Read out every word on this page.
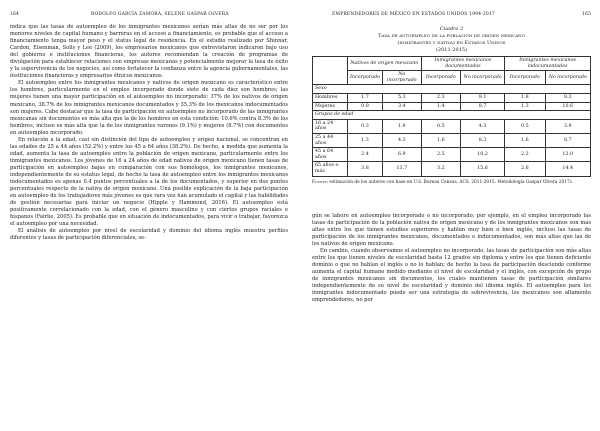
164	RODOLFO GARCÍA ZAMORA, SELENE GASPAR OLVERA

indica que las tasas de autoempleo de los inmigrantes mexicanos serían más altas de no ser por los menores niveles de capital humano y barreras en el acceso a financiamiento, es probable que el acceso a financiamiento tenga mayor peso y el status legal de residencia. En el estudio realizado por Shinnar, Cardon, Eisenman, Solis y Lee (2009), los empresarios mexicanos que entrevistaron indicaron bajo uso del gobierno e instituciones financieras, los autores recomiendan la creación de programas de divulgación para establecer relaciones con empresas mexicanas y potencialmente mejorar la tasa de éxito y la supervivencia de los negocios, así como fortalecer la confianza entre la agencia gubernamentales, las instituciones financieras y empresarios étnicos mexicanos.

El autoempleo entre los inmigrantes mexicanos y nativos de origen mexicano es característico entre los hombres, particularmente en el empleo incorporado donde siete de cada diez son hombres; las mujeres tienen una mayor participación en el autoempleo no incorporado: 37% de los nativos de origen mexicano, 38.7% de los inmigrantes mexicanos documentados y 35.3% de los mexicanos indocumentados son mujeres. Cabe destacar que la tasa de participación en autoempleo no incorporado de las inmigrantes mexicanas sin documentos es más alta que la de los hombres en esta condición: 10.6% contra 8.3% de los hombres, incluso es más alta que la de los inmigrantes varones (9.1%) y mujeres (8.7%) con documentos en autoempleo incorporado.

En relación a la edad, casi sin distinción del tipo de autoempleo y origen nacional, se concentran en las edades de 25 a 44 años (52.2%) y entre los 45 a 64 años (38.2%). De hecho, a medida que aumenta la edad, aumenta la tasa de autoempleo entre la población de origen mexicano, particularmente entre los inmigrantes mexicanos. Los jóvenes de 16 a 24 años de edad nativos de origen mexicano tienen tasas de participación en autoempleo bajas en comparación con sus homólogos, los inmigrantes mexicanos, independientemente de su estatus legal, de hecho la tasa de autoempleo entre los inmigrantes mexicanos indocumentados es apenas 0.4 puntos porcentuales a la de los documentados, y superior en dos puntos porcentuales respecto de la nativa de origen mexicano. Una posible explicación de la baja participación en autoempleo de los trabajadores más jóvenes es que rara vez han acumulado el capital y las habilidades de gestión necesarias para iniciar un negocio (Hipple y Hammond, 2016). El autoempleo está positivamente correlacionado con la edad, con el género masculino y con ciertos grupos raciales e hispanos (Fairlie, 2005). Es probable que en situación de indocumentados, para vivir o trabajar, favorezca el autoempleo por una necesidad.

El análisis de autoempleo por nivel de escolaridad y dominio del idioma inglés muestra perfiles diferentes y tasas de participación diferenciales, se-

EMPRENDEDORES DE MÉXICO EN ESTADOS UNIDOS 1994-2017	165
Cuadro 2
Tasa de autoempleo de la población de origen mexicano
(inmigrantes y nativa) en Estados Unidos
(2011-2015)
	Nativos de origen mexicano		Inmigrantes mexicanos documentados		Inmigrantes mexicanos indocumentados	
	Incorporado	No incorporado	Incorporado	No incorporado	Incorporado	No incorporado
Sexo						
Hombres	1.7	5.3	2.3	9.1	1.8	8.3
Mujeres	0.9	3.4	1.4	8.7	1.3	10.6
Grupos de edad						
16 a 24 años	0.3	1.9	0.5	4.3	0.5	3.9
25 a 44 años	1.3	4.3	1.6	8.3	1.6	8.7
45 a 64 años	2.4	6.9	2.5	10.2	2.2	12.0
65 años o más	3.8	13.7	3.2	15.6	2.6	14.4
Fuente: estimación de los autores con base en U.S. Bureau Census, ACS, 2011-2015. Metodología Gaspar Olvera 2017c.

gún se labore en autoempleo incorporado o no incorporado; por ejemplo, en el empleo incorporado las tasas de participación de la población nativa de origen mexicano y de los inmigrantes mexicanos son más altas entre los que tienen estudios superiores y hablan muy bien o bien inglés, incluso las tasas de participación de los inmigrantes mexicanos, documentados e indocumentados, son más altas que las de los nativos de origen mexicano.

En cambio, cuando observamos el autoempleo no incorporado, las tasas de participación son más altas entre los que tienen niveles de escolaridad hasta 12 grados sin diploma y entre los que tienen deficiente dominio o que no hablan el inglés o no lo hablan; de hecho la tasa de participación desciende conforme aumenta el capital humano medido mediante el nivel de escolaridad y el inglés, con excepción de grupo de inmigrantes mexicanos sin documentos, los cuales mantienen tasas de participación similares independientemente de su nivel de escolaridad y dominio del idioma inglés. El autoempleo para los inmigrantes indocumentado puede ser una estrategia de sobrevivencia, los mexicanos son altamente emprendedores, no por
